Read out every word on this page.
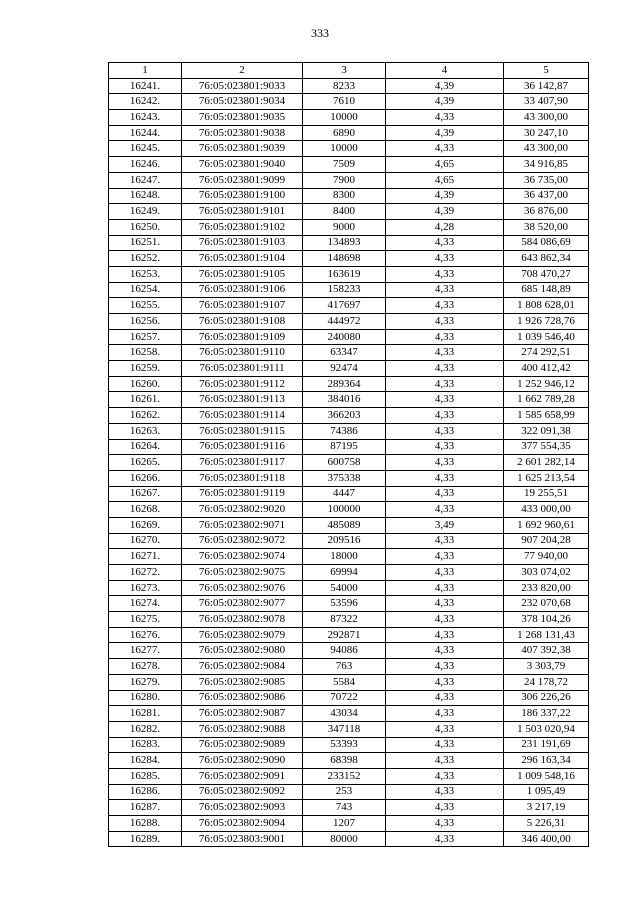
333
1	2	3	4	5
16241.	76:05:023801:9033	8233	4,39	36 142,87
16242.	76:05:023801:9034	7610	4,39	33 407,90
16243.	76:05:023801:9035	10000	4,33	43 300,00
16244.	76:05:023801:9038	6890	4,39	30 247,10
16245.	76:05:023801:9039	10000	4,33	43 300,00
16246.	76:05:023801:9040	7509	4,65	34 916,85
16247.	76:05:023801:9099	7900	4,65	36 735,00
16248.	76:05:023801:9100	8300	4,39	36 437,00
16249.	76:05:023801:9101	8400	4,39	36 876,00
16250.	76:05:023801:9102	9000	4,28	38 520,00
16251.	76:05:023801:9103	134893	4,33	584 086,69
16252.	76:05:023801:9104	148698	4,33	643 862,34
16253.	76:05:023801:9105	163619	4,33	708 470,27
16254.	76:05:023801:9106	158233	4,33	685 148,89
16255.	76:05:023801:9107	417697	4,33	1 808 628,01
16256.	76:05:023801:9108	444972	4,33	1 926 728,76
16257.	76:05:023801:9109	240080	4,33	1 039 546,40
16258.	76:05:023801:9110	63347	4,33	274 292,51
16259.	76:05:023801:9111	92474	4,33	400 412,42
16260.	76:05:023801:9112	289364	4,33	1 252 946,12
16261.	76:05:023801:9113	384016	4,33	1 662 789,28
16262.	76:05:023801:9114	366203	4,33	1 585 658,99
16263.	76:05:023801:9115	74386	4,33	322 091,38
16264.	76:05:023801:9116	87195	4,33	377 554,35
16265.	76:05:023801:9117	600758	4,33	2 601 282,14
16266.	76:05:023801:9118	375338	4,33	1 625 213,54
16267.	76:05:023801:9119	4447	4,33	19 255,51
16268.	76:05:023802:9020	100000	4,33	433 000,00
16269.	76:05:023802:9071	485089	3,49	1 692 960,61
16270.	76:05:023802:9072	209516	4,33	907 204,28
16271.	76:05:023802:9074	18000	4,33	77 940,00
16272.	76:05:023802:9075	69994	4,33	303 074,02
16273.	76:05:023802:9076	54000	4,33	233 820,00
16274.	76:05:023802:9077	53596	4,33	232 070,68
16275.	76:05:023802:9078	87322	4,33	378 104,26
16276.	76:05:023802:9079	292871	4,33	1 268 131,43
16277.	76:05:023802:9080	94086	4,33	407 392,38
16278.	76:05:023802:9084	763	4,33	3 303,79
16279.	76:05:023802:9085	5584	4,33	24 178,72
16280.	76:05:023802:9086	70722	4,33	306 226,26
16281.	76:05:023802:9087	43034	4,33	186 337,22
16282.	76:05:023802:9088	347118	4,33	1 503 020,94
16283.	76:05:023802:9089	53393	4,33	231 191,69
16284.	76:05:023802:9090	68398	4,33	296 163,34
16285.	76:05:023802:9091	233152	4,33	1 009 548,16
16286.	76:05:023802:9092	253	4,33	1 095,49
16287.	76:05:023802:9093	743	4,33	3 217,19
16288.	76:05:023802:9094	1207	4,33	5 226,31
16289.	76:05:023803:9001	80000	4,33	346 400,00
